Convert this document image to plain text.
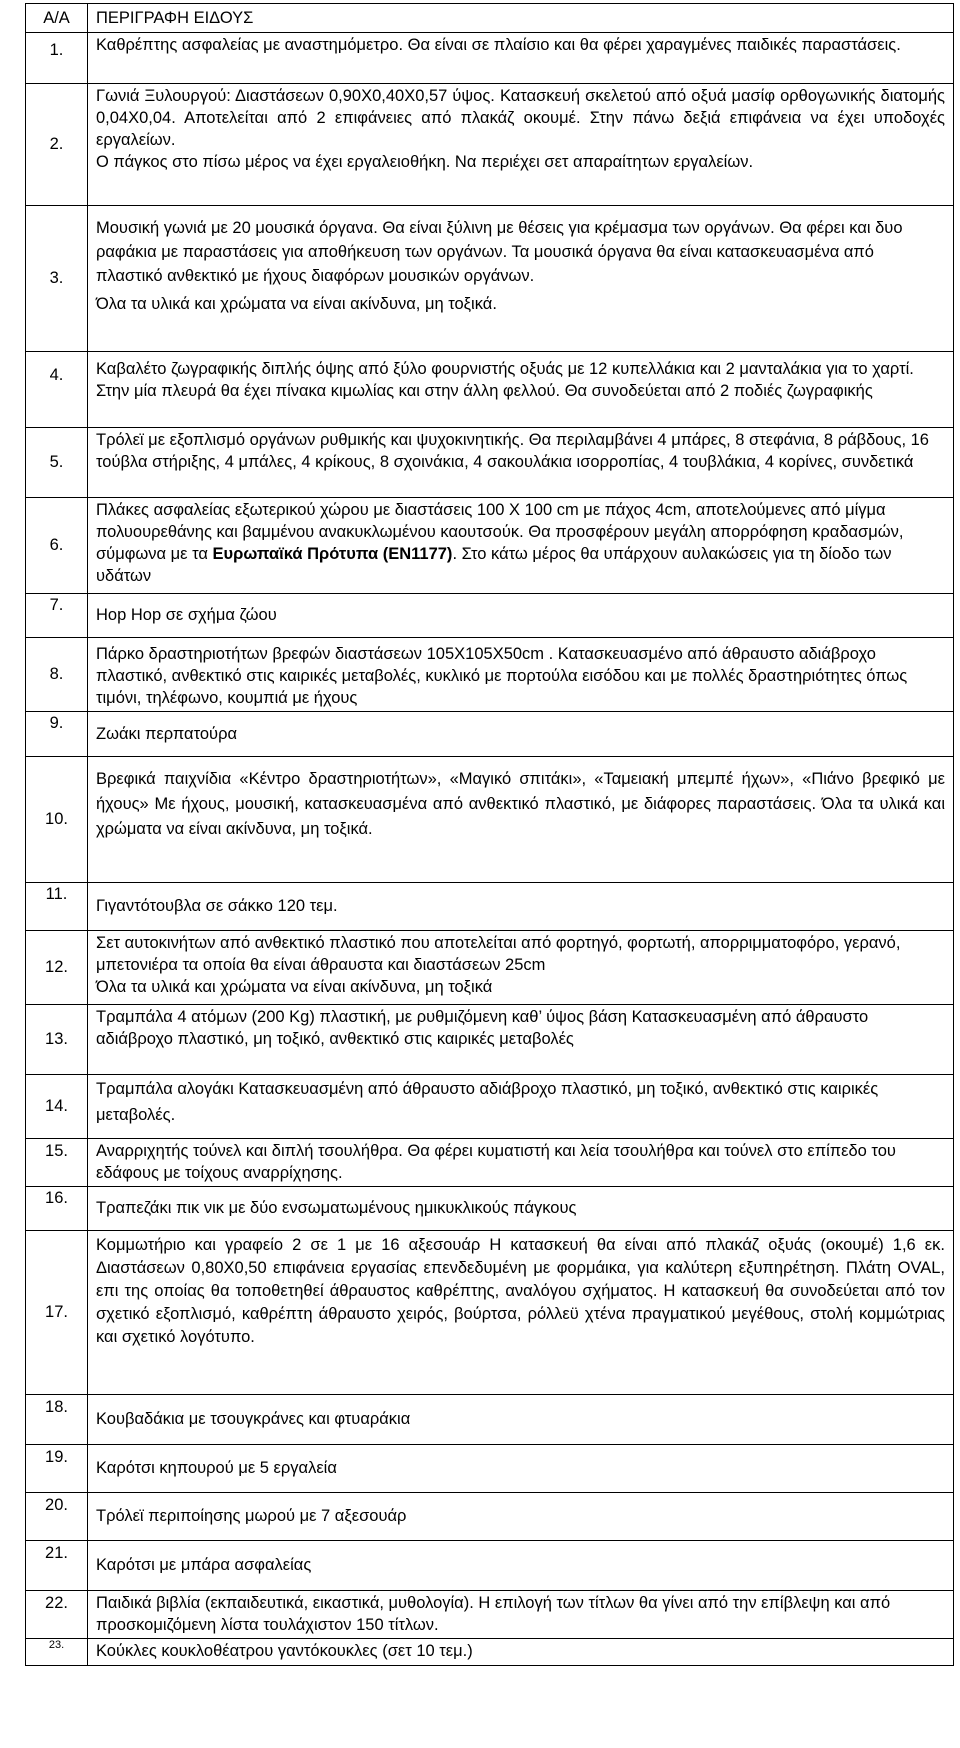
Α/Α	ΠΕΡΙΓΡΑΦΗ ΕΙΔΟΥΣ
1.	Καθρέπτης ασφαλείας με αναστημόμετρο. Θα είναι σε πλαίσιο και θα φέρει χαραγμένες παιδικές παραστάσεις.

2.	Γωνιά Ξυλουργού: Διαστάσεων 0,90Χ0,40Χ0,57 ύψος. Κατασκευή σκελετού από οξυά μασίφ ορθογωνικής διατομής 0,04Χ0,04. Αποτελείται από 2 επιφάνειες από πλακάζ οκουμέ. Στην πάνω δεξιά επιφάνεια να έχει υποδοχές εργαλείων.
Ο πάγκος στο πίσω μέρος να έχει εργαλειοθήκη. Να περιέχει σετ απαραίτητων εργαλείων.

3.	Μουσική γωνιά με 20 μουσικά όργανα. Θα είναι ξύλινη με θέσεις για κρέμασμα των οργάνων. Θα φέρει και δυο ραφάκια με παραστάσεις για αποθήκευση των οργάνων. Τα μουσικά όργανα θα είναι κατασκευασμένα από πλαστικό ανθεκτικό με ήχους διαφόρων μουσικών οργάνων.
Όλα τα υλικά και χρώματα να είναι ακίνδυνα, μη τοξικά.

4.	Καβαλέτο ζωγραφικής διπλής όψης από ξύλο φουρνιστής οξυάς με 12 κυπελλάκια και 2 μανταλάκια για το χαρτί. Στην μία πλευρά θα έχει πίνακα κιμωλίας και στην άλλη φελλού. Θα συνοδεύεται από 2 ποδιές ζωγραφικής

5.	Τρόλεϊ με εξοπλισμό οργάνων ρυθμικής και ψυχοκινητικής. Θα περιλαμβάνει 4 μπάρες, 8 στεφάνια, 8 ράβδους, 16 τούβλα στήριξης, 4 μπάλες, 4 κρίκους, 8 σχοινάκια, 4 σακουλάκια ισορροπίας, 4 τουβλάκια, 4 κορίνες, συνδετικά

6.	Πλάκες ασφαλείας εξωτερικού χώρου με διαστάσεις 100 Χ 100 cm με πάχος 4cm, αποτελούμενες από μίγμα πολυουρεθάνης και βαμμένου ανακυκλωμένου καουτσούκ. Θα προσφέρουν μεγάλη απορρόφηση κραδασμών, σύμφωνα με τα Ευρωπαϊκά Πρότυπα (ΕΝ1177). Στο κάτω μέρος θα υπάρχουν αυλακώσεις για τη δίοδο των υδάτων
7.	Hop Hop σε σχήμα ζώου

8.	Πάρκο δραστηριοτήτων βρεφών διαστάσεων 105Χ105Χ50cm . Κατασκευασμένο από άθραυστο αδιάβροχο πλαστικό, ανθεκτικό στις καιρικές μεταβολές, κυκλικό με πορτούλα εισόδου και με πολλές δραστηριότητες όπως τιμόνι, τηλέφωνο, κουμπιά με ήχους

9.	Ζωάκι περπατούρα

10.	Βρεφικά παιχνίδια «Κέντρο δραστηριοτήτων», «Μαγικό σπιτάκι», «Ταμειακή μπεμπέ ήχων», «Πιάνο βρεφικό με ήχους» Με ήχους, μουσική, κατασκευασμένα από ανθεκτικό πλαστικό, με διάφορες παραστάσεις. Όλα τα υλικά και χρώματα να είναι ακίνδυνα, μη τοξικά.

11.	Γιγαντότουβλα σε σάκκο 120 τεμ.

12.	Σετ αυτοκινήτων από ανθεκτικό πλαστικό που αποτελείται από φορτηγό, φορτωτή, απορριμματοφόρο, γερανό, μπετονιέρα τα οποία θα είναι άθραυστα και διαστάσεων 25cm
Όλα τα υλικά και χρώματα να είναι ακίνδυνα, μη τοξικά

13.	Τραμπάλα 4 ατόμων (200 Kg) πλαστική, με ρυθμιζόμενη καθ’ ύψος βάση Κατασκευασμένη από άθραυστο αδιάβροχο πλαστικό, μη τοξικό, ανθεκτικό στις καιρικές μεταβολές

14.	Τραμπάλα αλογάκι Κατασκευασμένη από άθραυστο αδιάβροχο πλαστικό, μη τοξικό, ανθεκτικό στις καιρικές μεταβολές.

15.	Αναρριχητής τούνελ και διπλή τσουλήθρα. Θα φέρει κυματιστή και λεία τσουλήθρα και τούνελ στο επίπεδο του εδάφους με τοίχους αναρρίχησης.

16.	Τραπεζάκι πικ νικ με δύο ενσωματωμένους ημικυκλικούς πάγκους

17.	Κομμωτήριο και γραφείο 2 σε 1 με 16 αξεσουάρ Η κατασκευή θα είναι από πλακάζ οξυάς (οκουμέ) 1,6 εκ. Διαστάσεων 0,80Χ0,50 επιφάνεια εργασίας επενδεδυμένη με φορμάικα, για καλύτερη εξυπηρέτηση. Πλάτη OVAL, επι της οποίας θα τοποθετηθεί άθραυστος καθρέπτης, αναλόγου σχήματος. Η κατασκευή θα συνοδεύεται από τον σχετικό εξοπλισμό, καθρέπτη άθραυστο χειρός, βούρτσα, ρόλλεϋ χτένα πραγματικού μεγέθους, στολή κομμώτριας και σχετικό λογότυπο.

18.	Κουβαδάκια με τσουγκράνες και φτυαράκια

19.	Καρότσι κηπουρού με 5 εργαλεία

20.	Τρόλεϊ περιποίησης μωρού με 7 αξεσουάρ

21.	Καρότσι με μπάρα ασφαλείας

22.	Παιδικά βιβλία (εκπαιδευτικά, εικαστικά, μυθολογία). Η επιλογή των τίτλων θα γίνει από την επίβλεψη και από προσκομιζόμενη λίστα τουλάχιστον 150 τίτλων.

23.	Κούκλες κουκλοθέατρου γαντόκουκλες (σετ 10 τεμ.)
